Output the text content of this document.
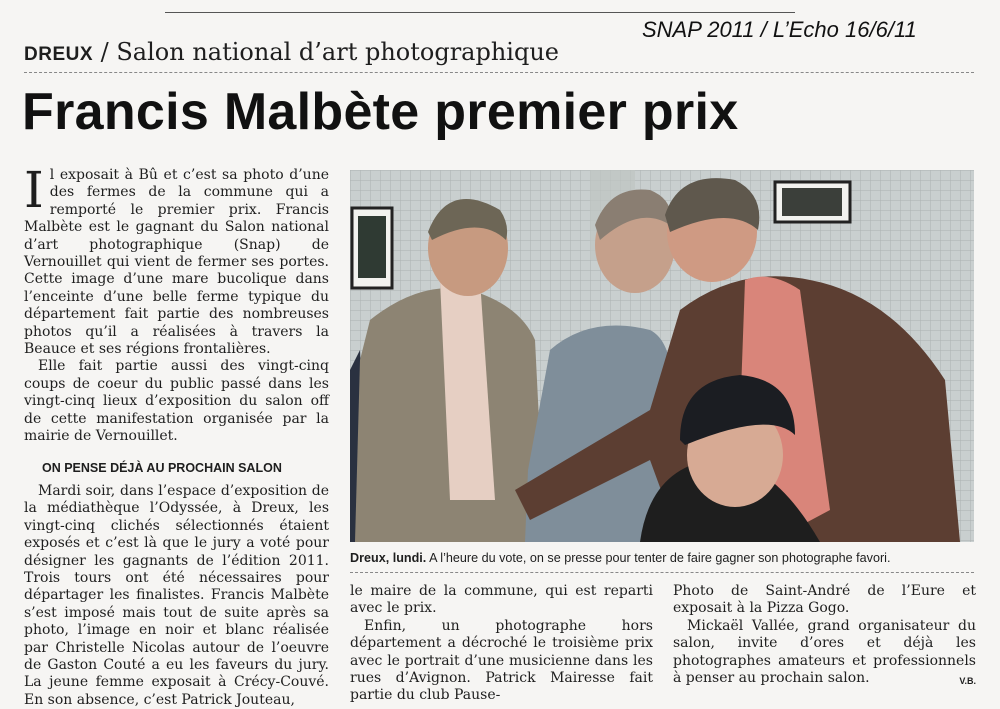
SNAP 2011 / L’Echo 16/6/11
DREUX / Salon national d’art photographique
Francis Malbète premier prix

Il exposait à Bû et c’est sa photo d’une des fermes de la commune qui a remporté le premier prix. Francis Malbète est le gagnant du Salon national d’art photographique (Snap) de Vernouillet qui vient de fermer ses portes. Cette image d’une mare bucolique dans l’enceinte d’une belle ferme typique du département fait partie des nombreuses photos qu’il a réalisées à travers la Beauce et ses régions frontalières.

Elle fait partie aussi des vingt-cinq coups de coeur du public passé dans les vingt-cinq lieux d’exposition du salon off de cette manifestation organisée par la mairie de Vernouillet.

ON PENSE DÉJÀ AU PROCHAIN SALON

Mardi soir, dans l’espace d’exposition de la médiathèque l’Odyssée, à Dreux, les vingt-cinq clichés sélectionnés étaient exposés et c’est là que le jury a voté pour désigner les gagnants de l’édition 2011. Trois tours ont été nécessaires pour départager les finalistes. Francis Malbète s’est imposé mais tout de suite après sa photo, l’image en noir et blanc réalisée par Christelle Nicolas autour de l’oeuvre de Gaston Couté a eu les faveurs du jury. La jeune femme exposait à Crécy-Couvé. En son absence, c’est Patrick Jouteau,

Dreux, lundi. A l’heure du vote, on se presse pour tenter de faire gagner son photographe favori.

le maire de la commune, qui est reparti avec le prix.

Enfin, un photographe hors département a décroché le troisième prix avec le portrait d’une musicienne dans les rues d’Avignon. Patrick Mairesse fait partie du club Pause-

Photo de Saint-André de l’Eure et exposait à la Pizza Gogo.

Mickaël Vallée, grand organisateur du salon, invite d’ores et déjà les photographes amateurs et professionnels à penser au prochain salon.	V.B.
